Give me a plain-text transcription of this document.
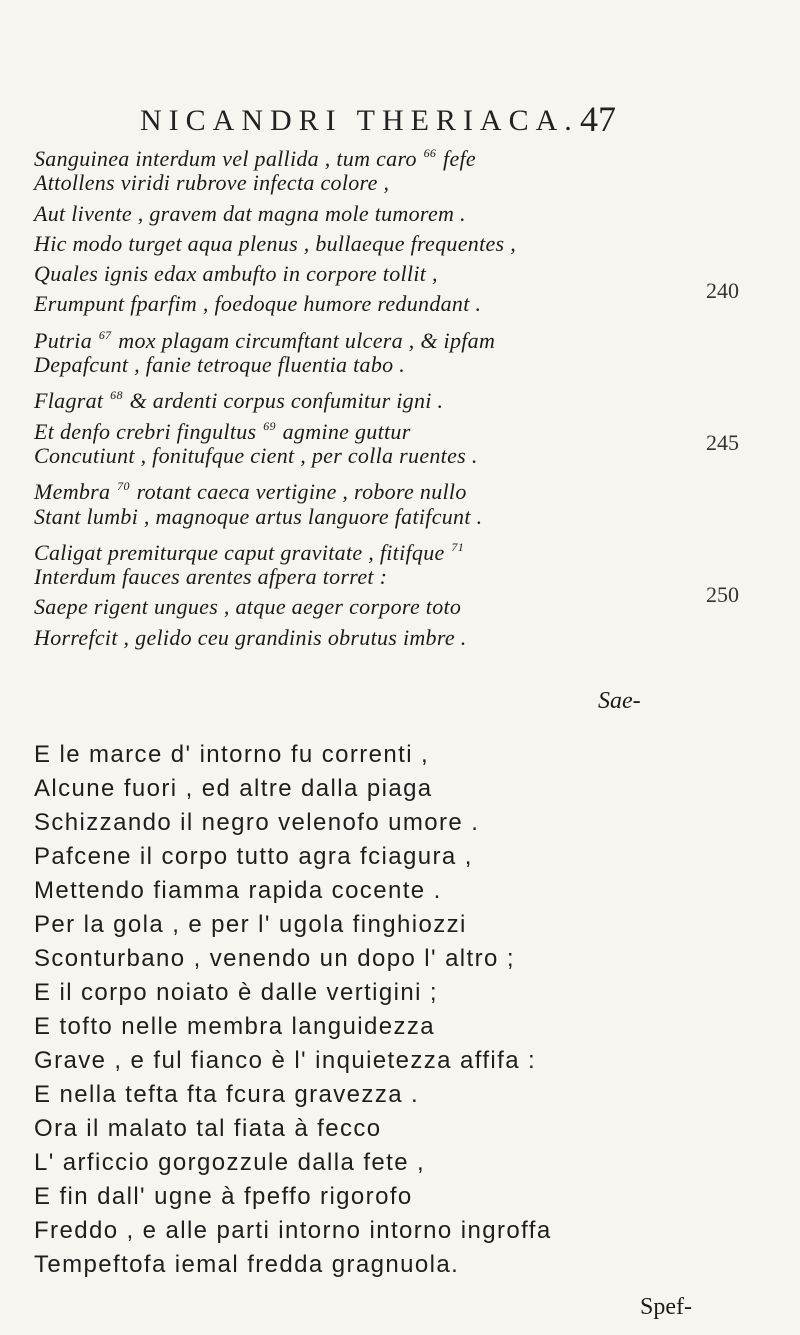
NICANDRI THERIACA. 47
Sanguinea interdum vel pallida , tum caro $^{66}$ fefe
Attollens viridi rubrove infecta colore ,
Aut livente , gravem dat magna mole tumorem .
Hic modo turget aqua plenus , bullaeque frequentes ,
Quales ignis edax ambufto in corpore tollit ,
Erumpunt fparfim , foedoque humore redundant .
Putria $^{67}$ mox plagam circumftant ulcera , & ipfam
Depafcunt , fanie tetroque fluentia tabo .
Flagrat $^{68}$ & ardenti corpus confumitur igni .
Et denfo crebri fingultus $^{69}$ agmine guttur
Concutiunt , fonitufque cient , per colla ruentes .
Membra $^{70}$ rotant caeca vertigine , robore nullo
Stant lumbi , magnoque artus languore fatifcunt .
Caligat premiturque caput gravitate , fitifque $^{71}$
Interdum fauces arentes afpera torret :
Saepe rigent ungues , atque aeger corpore toto
Horrefcit , gelido ceu grandinis obrutus imbre .
240
245
250
Sae-
E le marce d' intorno fu correnti ,
Alcune fuori , ed altre dalla piaga
Schizzando il negro velenofo umore .
Pafcene il corpo tutto agra fciagura ,
Mettendo fiamma rapida cocente .
Per la gola , e per l' ugola finghiozzi
Sconturbano , venendo un dopo l' altro ;
E il corpo noiato è dalle vertigini ;
E tofto nelle membra languidezza
Grave , e ful fianco è l' inquietezza affifa :
E nella tefta fta fcura gravezza .
Ora il malato tal fiata à fecco
L' arficcio gorgozzule dalla fete ,
E fin dall' ugne à fpeffo rigorofo
Freddo , e alle parti intorno intorno ingroffa
Tempeftofa iemal fredda gragnuola.
Spef-
